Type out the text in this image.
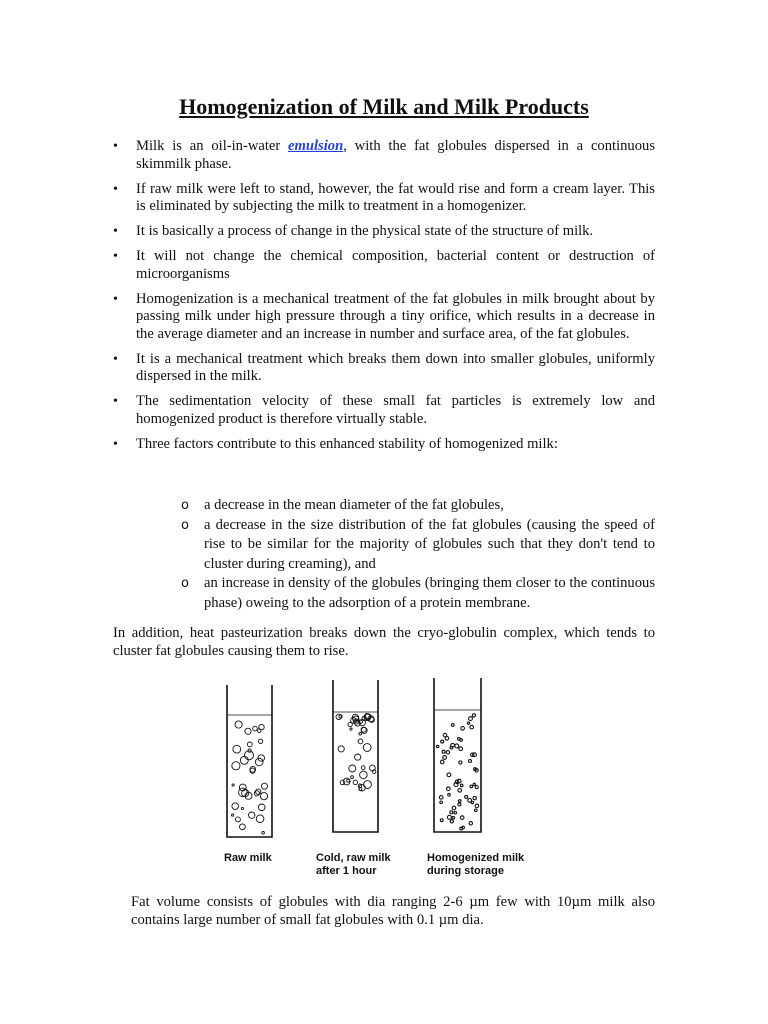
Homogenization of Milk and Milk Products
• Milk is an oil-in-water emulsion, with the fat globules dispersed in a continuous skimmilk phase.
• If raw milk were left to stand, however, the fat would rise and form a cream layer. This is eliminated by subjecting the milk to treatment in a homogenizer.
• It is basically a process of change in the physical state of the structure of milk.
• It will not change the chemical composition, bacterial content or destruction of microorganisms
• Homogenization is a mechanical treatment of the fat globules in milk brought about by passing milk under high pressure through a tiny orifice, which results in a decrease in the average diameter and an increase in number and surface area, of the fat globules.
• It is a mechanical treatment which breaks them down into smaller globules, uniformly dispersed in the milk.
• The sedimentation velocity of these small fat particles is extremely low and homogenized product is therefore virtually stable.
• Three factors contribute to this enhanced stability of homogenized milk:
o a decrease in the mean diameter of the fat globules,
o a decrease in the size distribution of the fat globules (causing the speed of rise to be similar for the majority of globules such that they don't tend to cluster during creaming), and
o an increase in density of the globules (bringing them closer to the continuous phase) oweing to the adsorption of a protein membrane.

In addition, heat pasteurization breaks down the cryo-globulin complex, which tends to cluster fat globules causing them to rise.

Raw milk	Cold, raw milk
after 1 hour
Homogenized milk
during storage

Fat volume consists of globules with dia ranging 2-6 µm few with 10µm milk also contains large number of small fat globules with 0.1 µm dia.
